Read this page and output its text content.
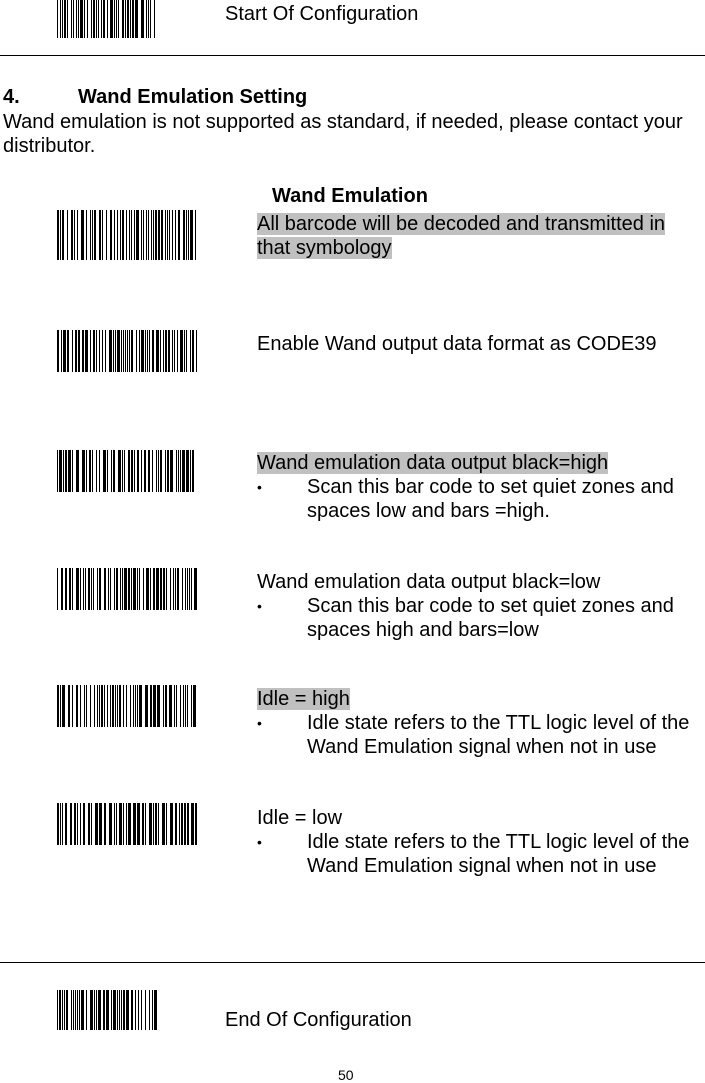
Start Of Configuration
4.	Wand Emulation Setting
Wand emulation is not supported as standard, if needed, please contact your distributor.
Wand Emulation
All barcode will be decoded and transmitted in that symbology
Enable Wand output data format as CODE39
Wand emulation data output black=high
•	Scan this bar code to set quiet zones and spaces low and bars =high.
Wand emulation data output black=low
•	Scan this bar code to set quiet zones and spaces high and bars=low
Idle = high
•	Idle state refers to the TTL logic level of the Wand Emulation signal when not in use
Idle = low
•	Idle state refers to the TTL logic level of the Wand Emulation signal when not in use
End Of Configuration
50
